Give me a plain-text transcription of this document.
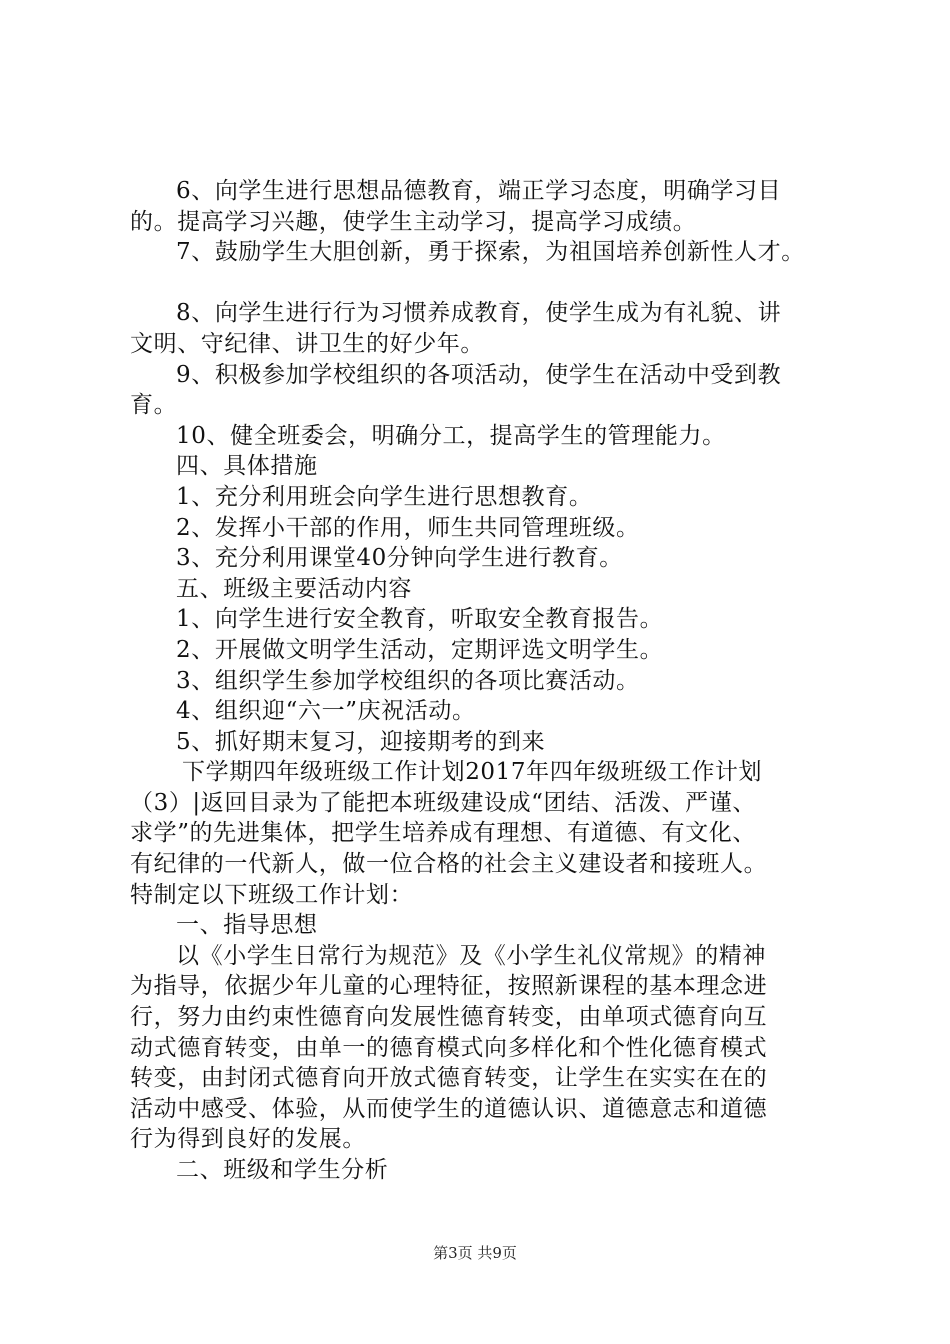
6、向学生进行思想品德教育，端正学习态度，明确学习目
的。提高学习兴趣，使学生主动学习，提高学习成绩。
7、鼓励学生大胆创新，勇于探索，为祖国培养创新性人才。
8、向学生进行行为习惯养成教育，使学生成为有礼貌、讲
文明、守纪律、讲卫生的好少年。
9、积极参加学校组织的各项活动，使学生在活动中受到教
育。
10、健全班委会，明确分工，提高学生的管理能力。
四、具体措施
1、充分利用班会向学生进行思想教育。
2、发挥小干部的作用，师生共同管理班级。
3、充分利用课堂40分钟向学生进行教育。
五、班级主要活动内容
1、向学生进行安全教育，听取安全教育报告。
2、开展做文明学生活动，定期评选文明学生。
3、组织学生参加学校组织的各项比赛活动。
4、组织迎“六一”庆祝活动。
5、抓好期末复习，迎接期考的到来
下学期四年级班级工作计划2017年四年级班级工作计划
（3）|返回目录为了能把本班级建设成“团结、活泼、严谨、
求学”的先进集体，把学生培养成有理想、有道德、有文化、
有纪律的一代新人，做一位合格的社会主义建设者和接班人。
特制定以下班级工作计划：
一、指导思想
以《小学生日常行为规范》及《小学生礼仪常规》的精神
为指导，依据少年儿童的心理特征，按照新课程的基本理念进
行，努力由约束性德育向发展性德育转变，由单项式德育向互
动式德育转变，由单一的德育模式向多样化和个性化德育模式
转变，由封闭式德育向开放式德育转变，让学生在实实在在的
活动中感受、体验，从而使学生的道德认识、道德意志和道德
行为得到良好的发展。
二、班级和学生分析
第3页 共9页
